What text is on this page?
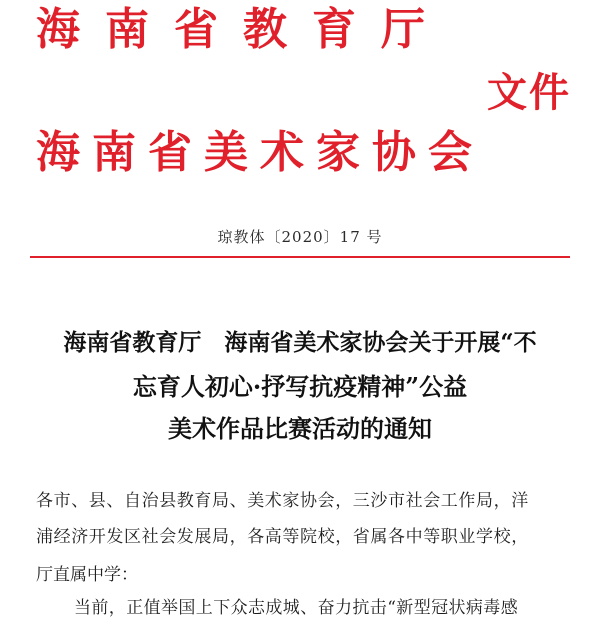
海南省教育厅
文件
海南省美术家协会
琼教体〔2020〕17 号
海南省教育厅　海南省美术家协会关于开展“不
忘育人初心·抒写抗疫精神”公益
美术作品比赛活动的通知
各市、县、自治县教育局、美术家协会，三沙市社会工作局，洋
浦经济开发区社会发展局，各高等院校，省属各中等职业学校，
厅直属中学：
当前，正值举国上下众志成城、奋力抗击“新型冠状病毒感
